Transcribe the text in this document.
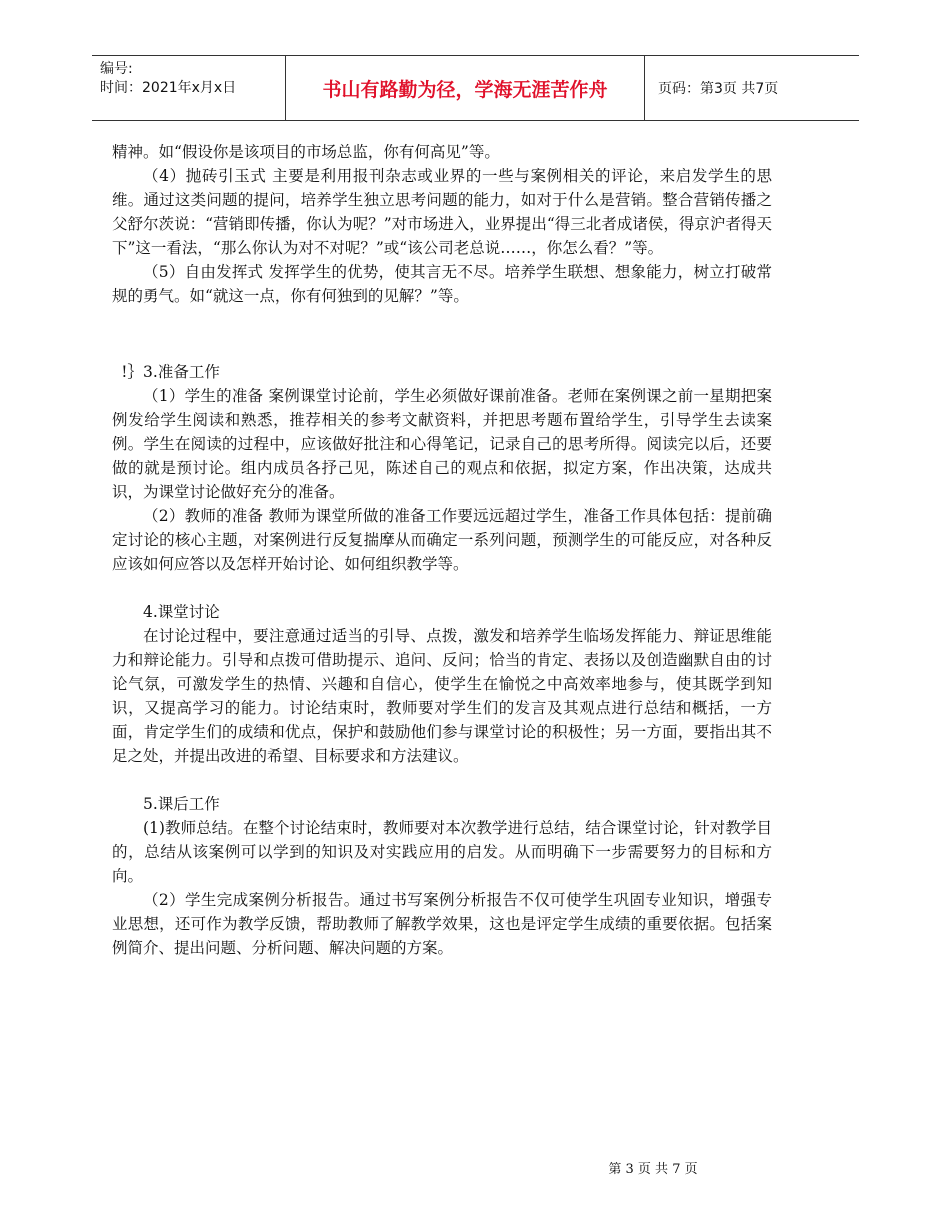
编号:
时间：2021年x月x日	书山有路勤为径，学海无涯苦作舟	页码：第3页 共7页

精神。如“假设你是该项目的市场总监，你有何高见”等。

（4）抛砖引玉式 主要是利用报刊杂志或业界的一些与案例相关的评论，来启发学生的思维。通过这类问题的提问，培养学生独立思考问题的能力，如对于什么是营销。整合营销传播之父舒尔茨说：“营销即传播，你认为呢？”对市场进入，业界提出“得三北者成诸侯，得京沪者得天下”这一看法，“那么你认为对不对呢？”或“该公司老总说……，你怎么看？”等。

（5）自由发挥式 发挥学生的优势，使其言无不尽。培养学生联想、想象能力，树立打破常规的勇气。如“就这一点，你有何独到的见解？”等。

!｝3.准备工作

（1）学生的准备 案例课堂讨论前，学生必须做好课前准备。老师在案例课之前一星期把案例发给学生阅读和熟悉，推荐相关的参考文献资料，并把思考题布置给学生，引导学生去读案例。学生在阅读的过程中，应该做好批注和心得笔记，记录自己的思考所得。阅读完以后，还要做的就是预讨论。组内成员各抒己见，陈述自己的观点和依据，拟定方案，作出决策，达成共识，为课堂讨论做好充分的准备。

（2）教师的准备 教师为课堂所做的准备工作要远远超过学生，准备工作具体包括：提前确定讨论的核心主题，对案例进行反复揣摩从而确定一系列问题，预测学生的可能反应，对各种反应该如何应答以及怎样开始讨论、如何组织教学等。

4.课堂讨论

在讨论过程中，要注意通过适当的引导、点拨，激发和培养学生临场发挥能力、辩证思维能力和辩论能力。引导和点拨可借助提示、追问、反问；恰当的肯定、表扬以及创造幽默自由的讨论气氛，可激发学生的热情、兴趣和自信心，使学生在愉悦之中高效率地参与，使其既学到知识，又提高学习的能力。讨论结束时，教师要对学生们的发言及其观点进行总结和概括，一方面，肯定学生们的成绩和优点，保护和鼓励他们参与课堂讨论的积极性；另一方面，要指出其不足之处，并提出改进的希望、目标要求和方法建议。

5.课后工作

(1)教师总结。在整个讨论结束时，教师要对本次教学进行总结，结合课堂讨论，针对教学目的，总结从该案例可以学到的知识及对实践应用的启发。从而明确下一步需要努力的目标和方向。

（2）学生完成案例分析报告。通过书写案例分析报告不仅可使学生巩固专业知识，增强专业思想，还可作为教学反馈，帮助教师了解教学效果，这也是评定学生成绩的重要依据。包括案例简介、提出问题、分析问题、解决问题的方案。

第 3 页 共 7 页
